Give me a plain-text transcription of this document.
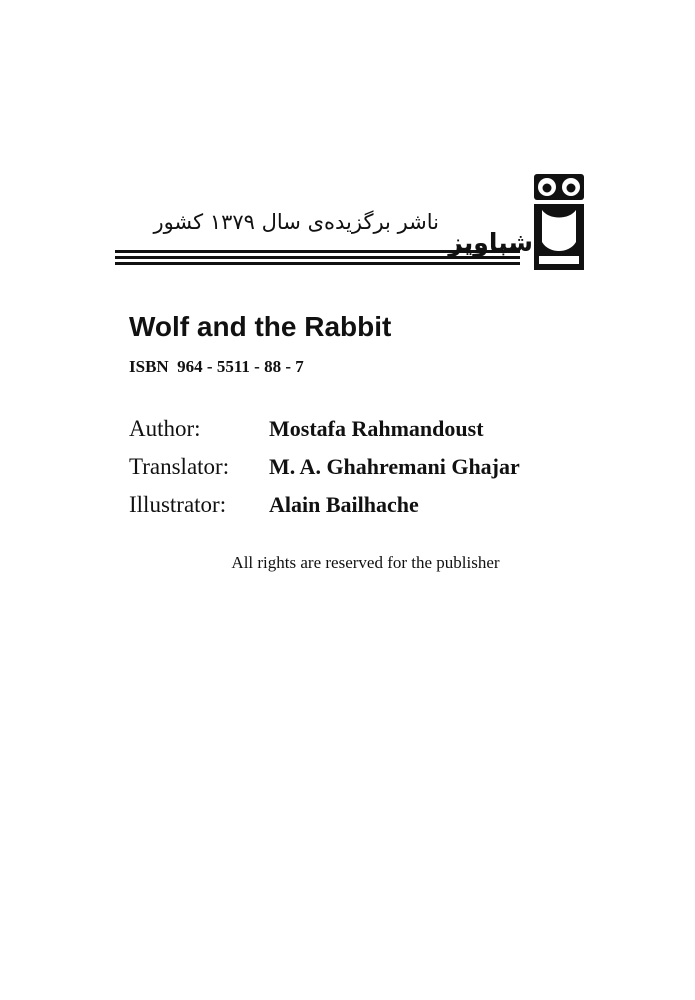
ناشر برگزیده‌ی سال ۱۳۷۹ کشور
شباویز
Wolf and the Rabbit
ISBN  964 - 5511 - 88 - 7
Author:	Mostafa Rahmandoust
Translator:	M. A. Ghahremani Ghajar
Illustrator:	Alain Bailhache
All rights are reserved for the publisher
